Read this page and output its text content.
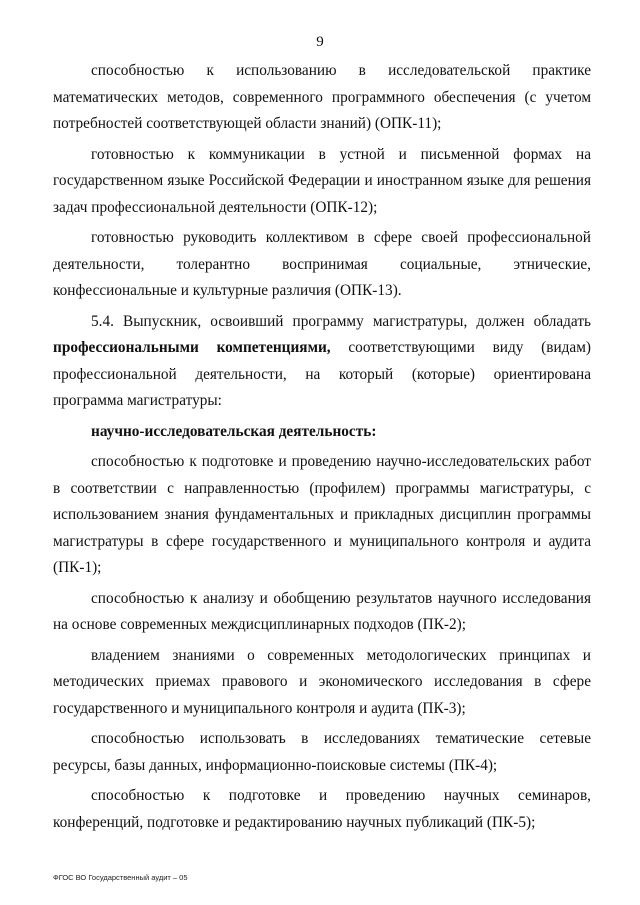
9

способностью к использованию в исследовательской практике математических методов, современного программного обеспечения (с учетом потребностей соответствующей области знаний) (ОПК-11);

готовностью к коммуникации в устной и письменной формах на государственном языке Российской Федерации и иностранном языке для решения задач профессиональной деятельности (ОПК-12);

готовностью руководить коллективом в сфере своей профессиональной деятельности, толерантно воспринимая социальные, этнические, конфессиональные и культурные различия (ОПК-13).

5.4. Выпускник, освоивший программу магистратуры, должен обладать профессиональными компетенциями, соответствующими виду (видам) профессиональной деятельности, на который (которые) ориентирована программа магистратуры:

научно-исследовательская деятельность:

способностью к подготовке и проведению научно-исследовательских работ в соответствии с направленностью (профилем) программы магистратуры, с использованием знания фундаментальных и прикладных дисциплин программы магистратуры в сфере государственного и муниципального контроля и аудита (ПК-1);

способностью к анализу и обобщению результатов научного исследования на основе современных междисциплинарных подходов (ПК-2);

владением знаниями о современных методологических принципах и методических приемах правового и экономического исследования в сфере государственного и муниципального контроля и аудита (ПК-3);

способностью использовать в исследованиях тематические сетевые ресурсы, базы данных, информационно-поисковые системы (ПК-4);

способностью к подготовке и проведению научных семинаров, конференций, подготовке и редактированию научных публикаций (ПК-5);

ФГОС ВО Государственный аудит – 05
